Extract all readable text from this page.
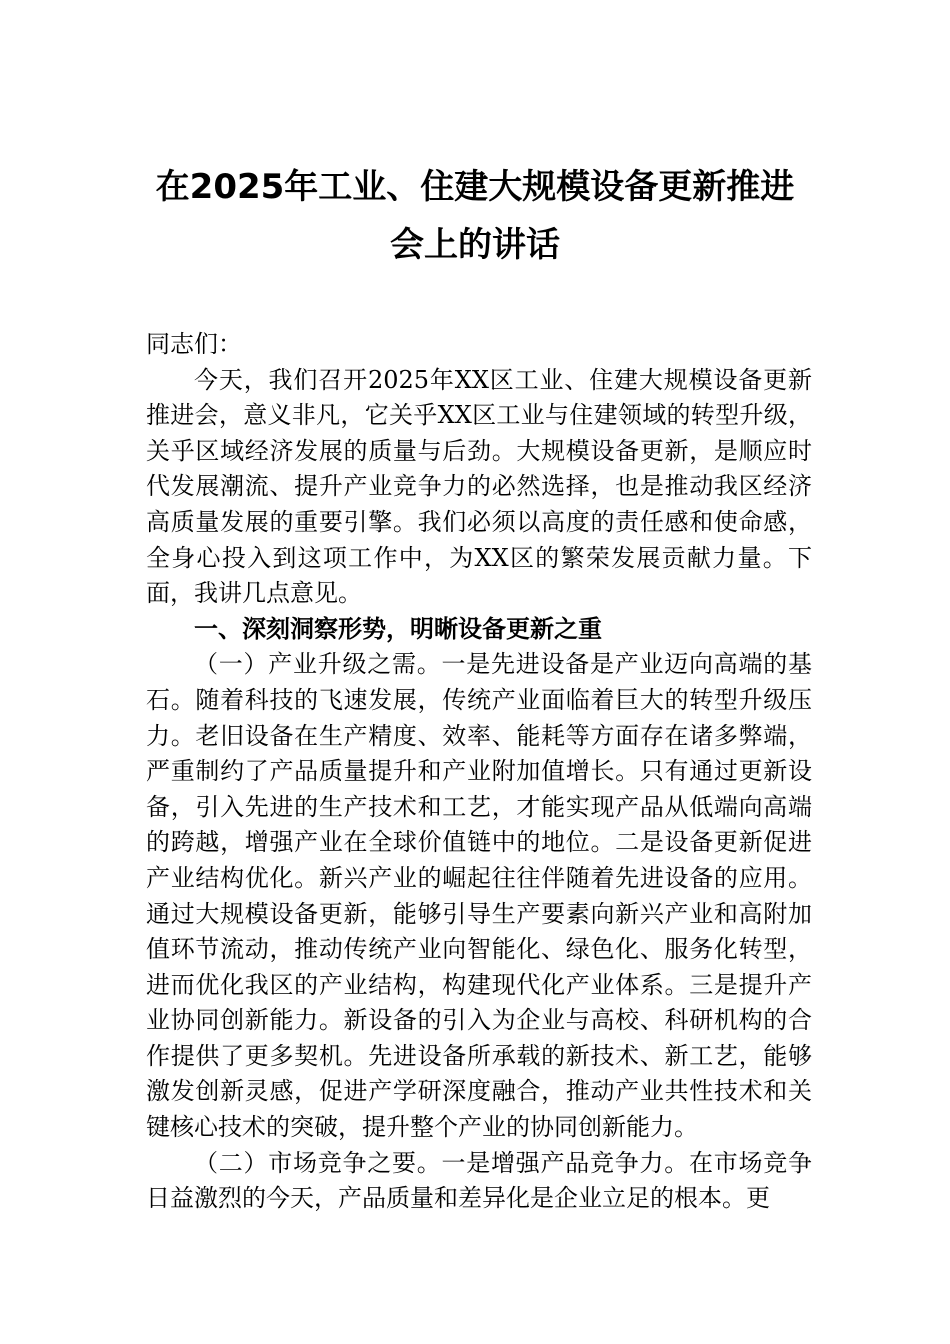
在2025年工业、住建大规模设备更新推进
会上的讲话

同志们：

今天，我们召开2025年XX区工业、住建大规模设备更新推进会，意义非凡，它关乎XX区工业与住建领域的转型升级，关乎区域经济发展的质量与后劲。大规模设备更新，是顺应时代发展潮流、提升产业竞争力的必然选择，也是推动我区经济高质量发展的重要引擎。我们必须以高度的责任感和使命感，全身心投入到这项工作中，为XX区的繁荣发展贡献力量。下面，我讲几点意见。

一、深刻洞察形势，明晰设备更新之重

（一）产业升级之需。一是先进设备是产业迈向高端的基石。随着科技的飞速发展，传统产业面临着巨大的转型升级压力。老旧设备在生产精度、效率、能耗等方面存在诸多弊端，严重制约了产品质量提升和产业附加值增长。只有通过更新设备，引入先进的生产技术和工艺，才能实现产品从低端向高端的跨越，增强产业在全球价值链中的地位。二是设备更新促进产业结构优化。新兴产业的崛起往往伴随着先进设备的应用。通过大规模设备更新，能够引导生产要素向新兴产业和高附加值环节流动，推动传统产业向智能化、绿色化、服务化转型，进而优化我区的产业结构，构建现代化产业体系。三是提升产业协同创新能力。新设备的引入为企业与高校、科研机构的合作提供了更多契机。先进设备所承载的新技术、新工艺，能够激发创新灵感，促进产学研深度融合，推动产业共性技术和关键核心技术的突破，提升整个产业的协同创新能力。

（二）市场竞争之要。一是增强产品竞争力。在市场竞争日益激烈的今天，产品质量和差异化是企业立足的根本。更
